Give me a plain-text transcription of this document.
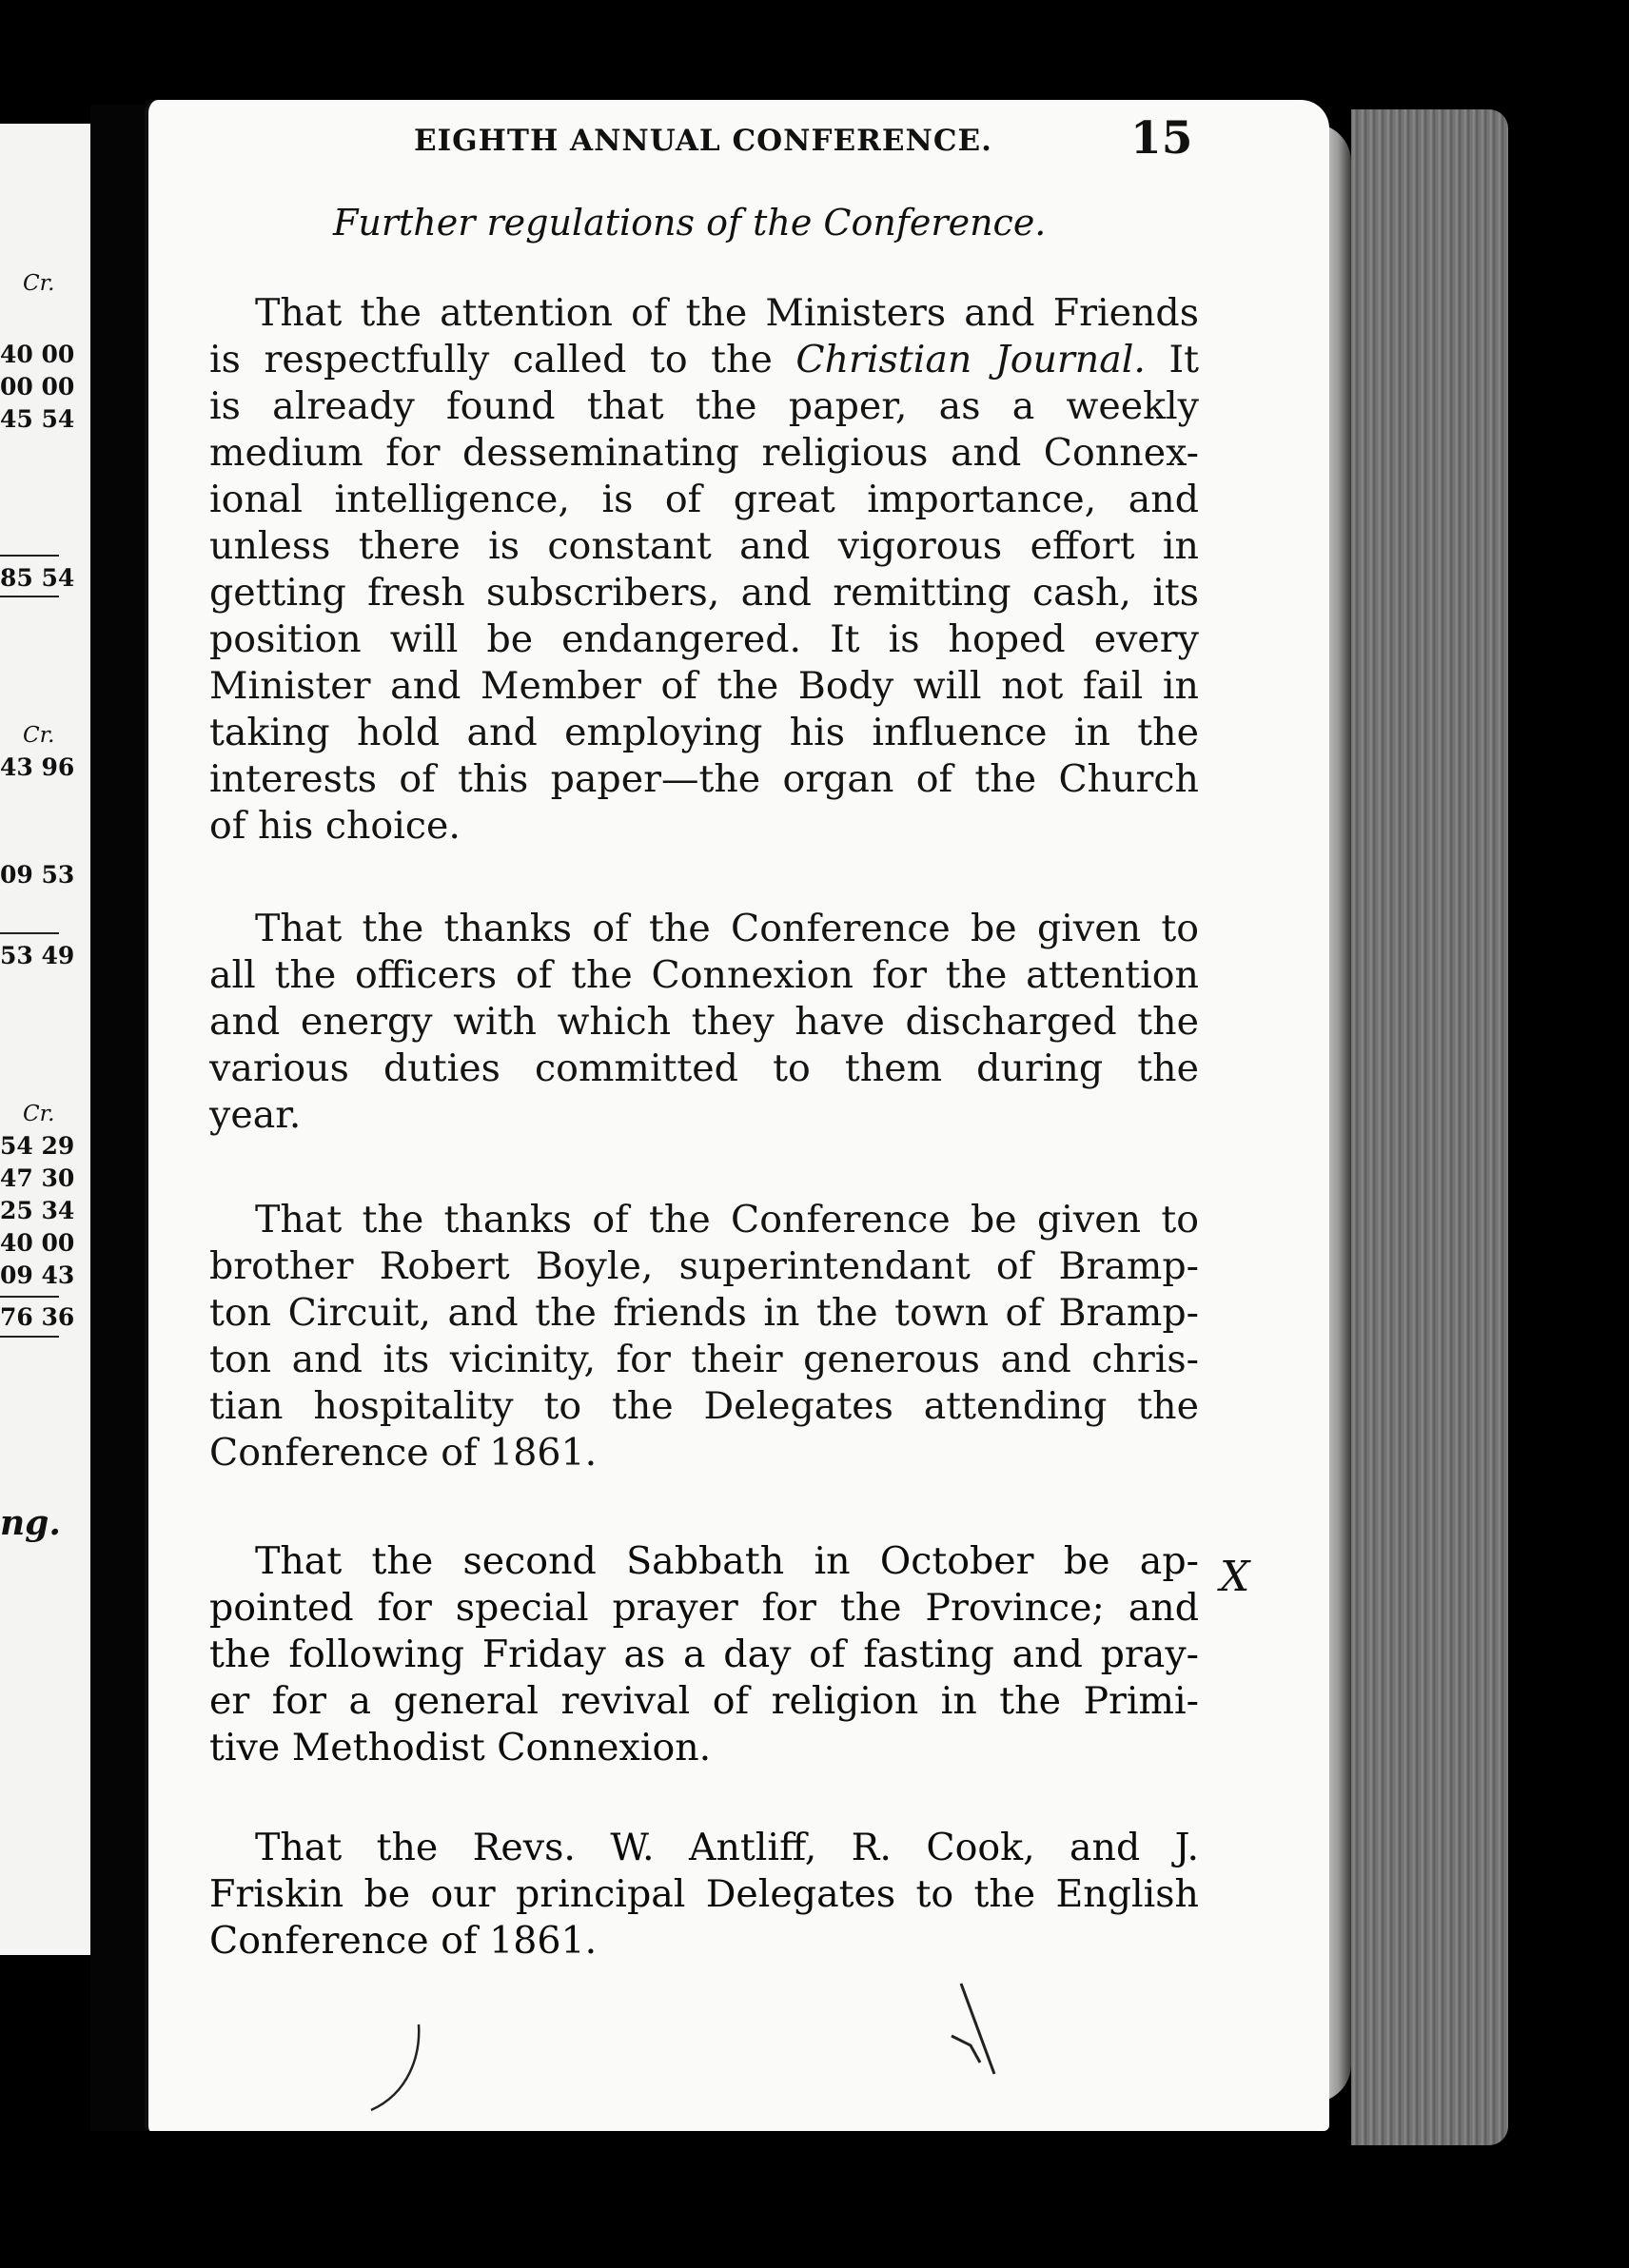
Cr.
40 00
00 00
45 54
85 54
Cr.
43 96
09 53
53 49
Cr.
54 29
47 30
25 34
40 00
09 43
76 36
ng.
EIGHTH ANNUAL CONFERENCE.	15
Further regulations of the Conference.
That the attention of the Ministers and Friends
is respectfully called to the Christian Journal. It
is already found that the paper, as a weekly
medium for desseminating religious and Connex-
ional intelligence, is of great importance, and
unless there is constant and vigorous effort in
getting fresh subscribers, and remitting cash, its
position will be endangered. It is hoped every
Minister and Member of the Body will not fail in
taking hold and employing his influence in the
interests of this paper—the organ of the Church
of his choice.
That the thanks of the Conference be given to
all the officers of the Connexion for the attention
and energy with which they have discharged the
various duties committed to them during the
year.
That the thanks of the Conference be given to
brother Robert Boyle, superintendant of Bramp-
ton Circuit, and the friends in the town of Bramp-
ton and its vicinity, for their generous and chris-
tian hospitality to the Delegates attending the
Conference of 1861.
That the second Sabbath in October be ap-
pointed for special prayer for the Province; and
the following Friday as a day of fasting and pray-
er for a general revival of religion in the Primi-
tive Methodist Connexion.
That the Revs. W. Antliff, R. Cook, and J.
Friskin be our principal Delegates to the English
Conference of 1861.
X
